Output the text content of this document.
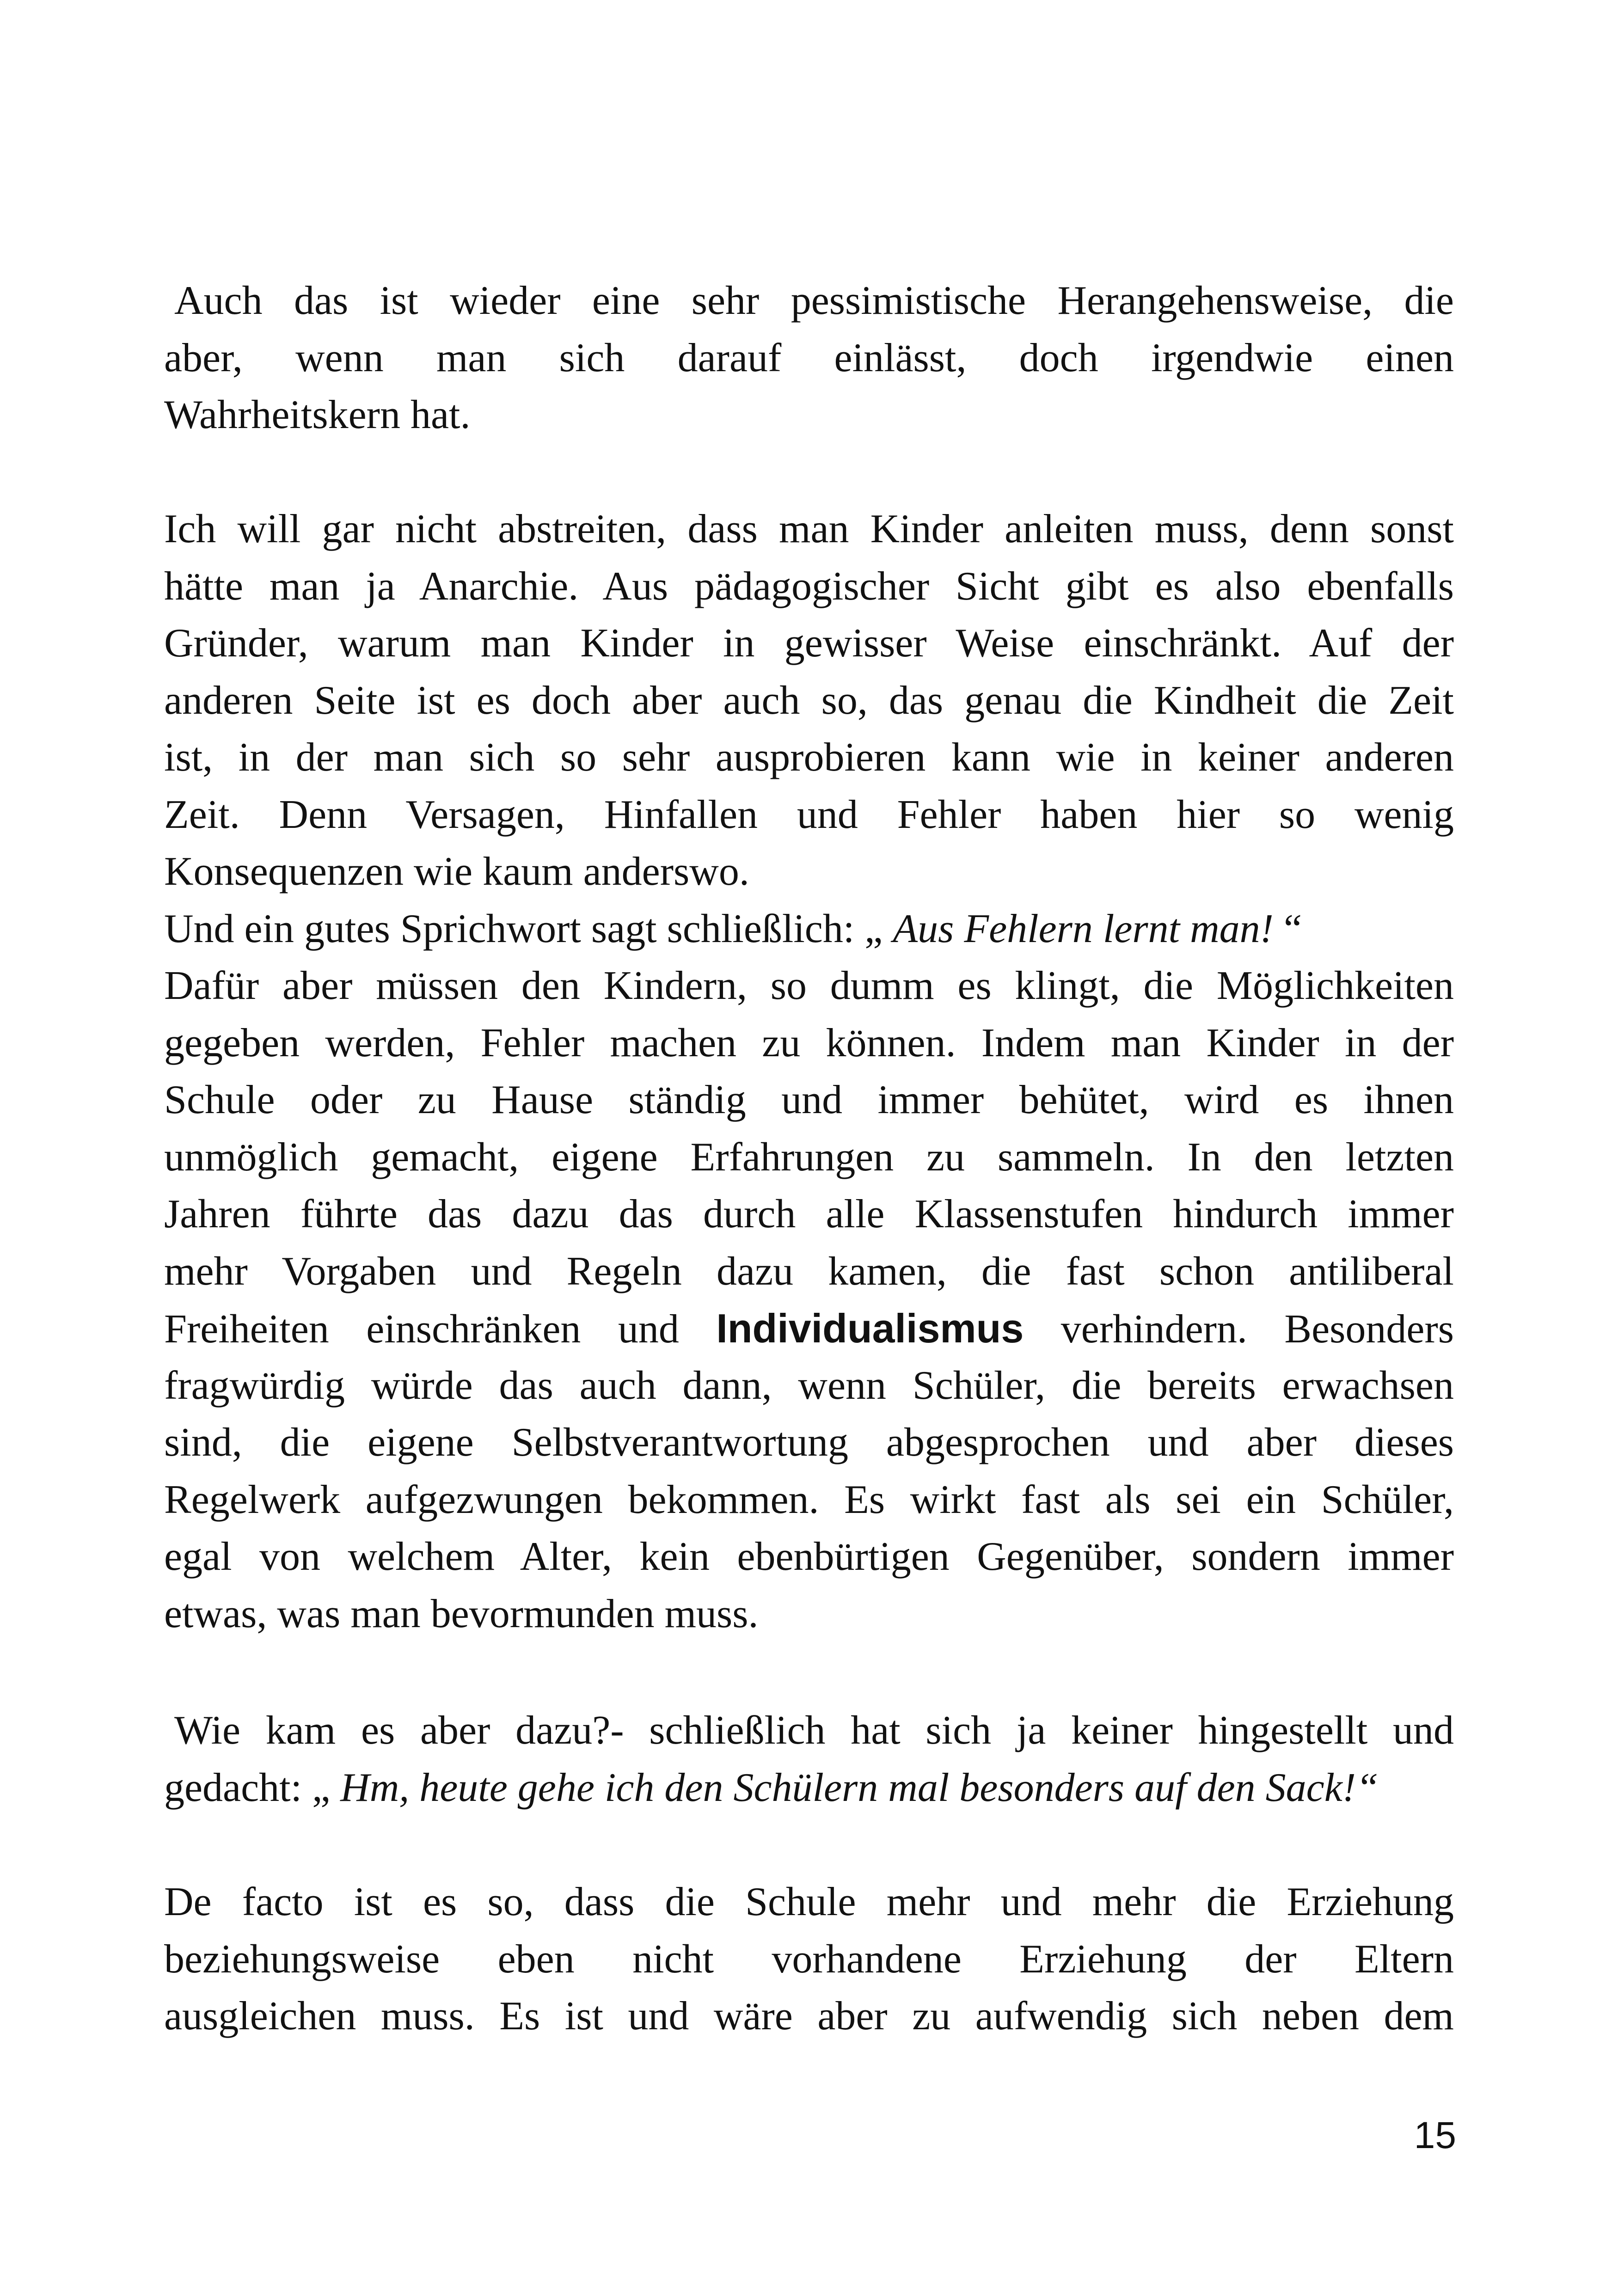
Auch das ist wieder eine sehr pessimistische Herangehensweise, die
aber, wenn man sich darauf einlässt, doch irgendwie einen
Wahrheitskern hat.
Ich will gar nicht abstreiten, dass man Kinder anleiten muss, denn sonst
hätte man ja Anarchie. Aus pädagogischer Sicht gibt es also ebenfalls
Gründer, warum man Kinder in gewisser Weise einschränkt. Auf der
anderen Seite ist es doch aber auch so, das genau die Kindheit die Zeit
ist, in der man sich so sehr ausprobieren kann wie in keiner anderen
Zeit. Denn Versagen, Hinfallen und Fehler haben hier so wenig
Konsequenzen wie kaum anderswo.
Und ein gutes Sprichwort sagt schließlich: „ Aus Fehlern lernt man! “
Dafür aber müssen den Kindern, so dumm es klingt, die Möglichkeiten
gegeben werden, Fehler machen zu können. Indem man Kinder in der
Schule oder zu Hause ständig und immer behütet, wird es ihnen
unmöglich gemacht, eigene Erfahrungen zu sammeln. In den letzten
Jahren führte das dazu das durch alle Klassenstufen hindurch immer
mehr Vorgaben und Regeln dazu kamen, die fast schon antiliberal
Freiheiten einschränken und Individualismus verhindern. Besonders
fragwürdig würde das auch dann, wenn Schüler, die bereits erwachsen
sind, die eigene Selbstverantwortung abgesprochen und aber dieses
Regelwerk aufgezwungen bekommen. Es wirkt fast als sei ein Schüler,
egal von welchem Alter, kein ebenbürtigen Gegenüber, sondern immer
etwas, was man bevormunden muss.
Wie kam es aber dazu?- schließlich hat sich ja keiner hingestellt und
gedacht: „ Hm, heute gehe ich den Schülern mal besonders auf den Sack!“
De facto ist es so, dass die Schule mehr und mehr die Erziehung
beziehungsweise eben nicht vorhandene Erziehung der Eltern
ausgleichen muss. Es ist und wäre aber zu aufwendig sich neben dem
15
